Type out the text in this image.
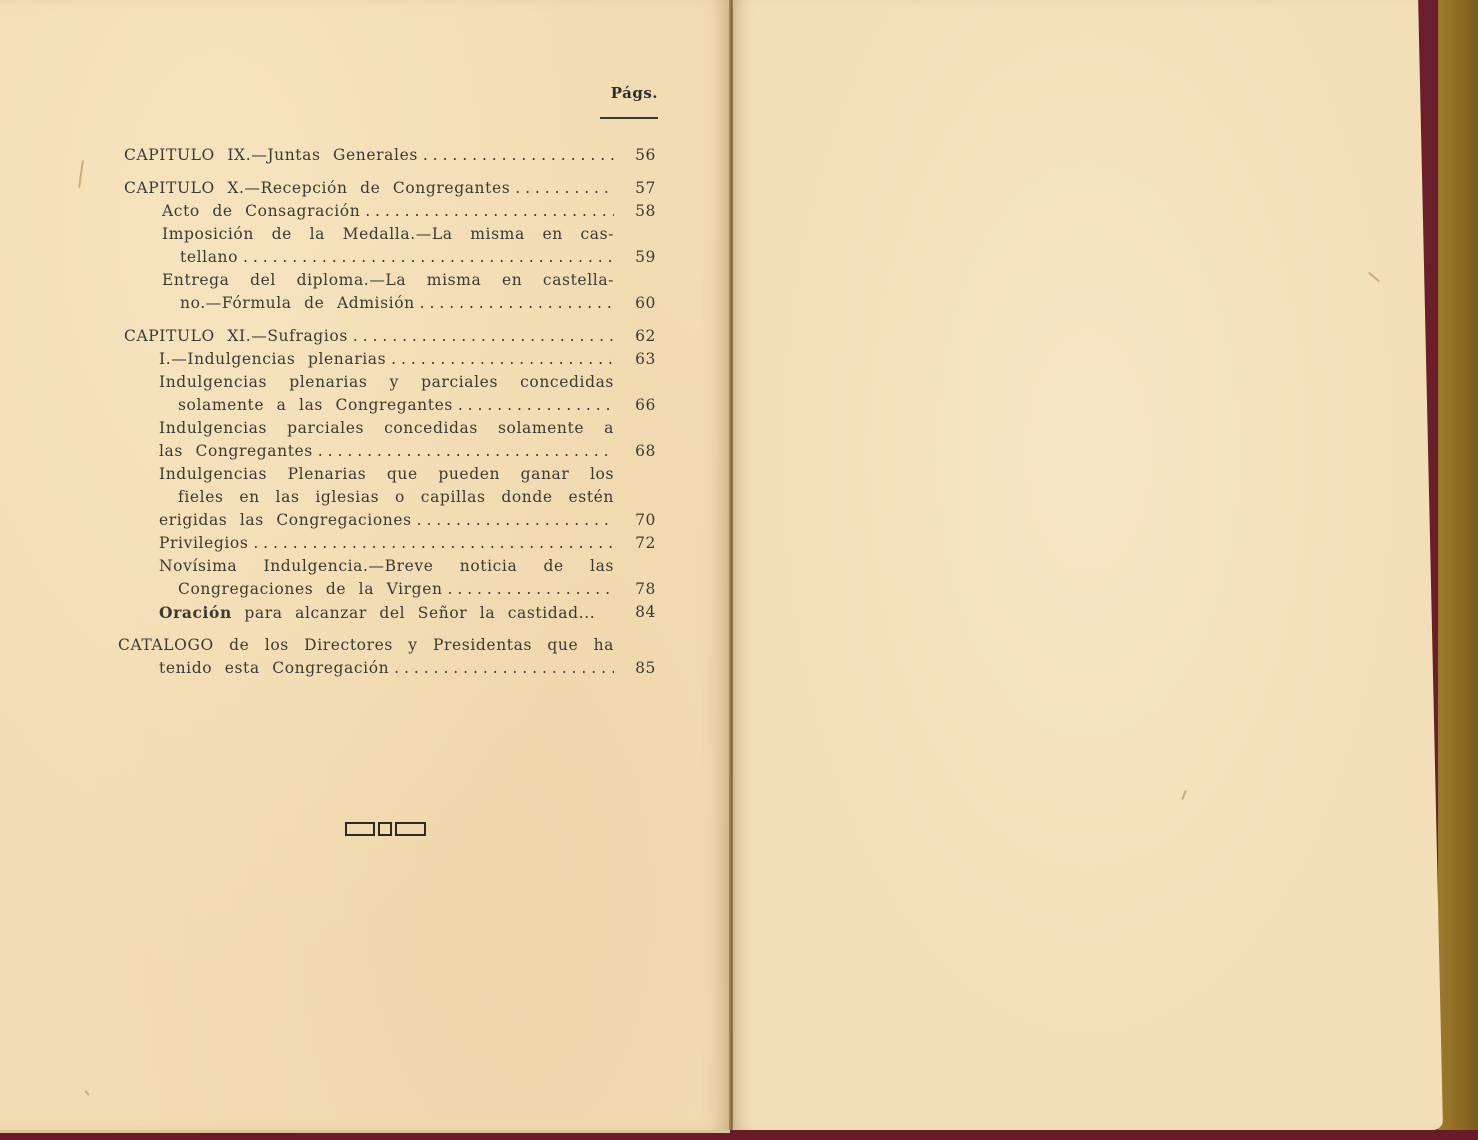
Págs.
CAPITULO IX.—Juntas Generales . . .	56
CAPITULO X.—Recepción de Congregantes . . .	57
Acto de Consagración . . .	58
Imposición de la Medalla.—La misma en cas-
tellano . . .	59
Entrega del diploma.—La misma en castella-
no.—Fórmula de Admisión . . .	60
CAPITULO XI.—Sufragios . . .	62
I.—Indulgencias plenarias . . .	63
Indulgencias plenarias y parciales concedidas
solamente a las Congregantes . . .	66
Indulgencias parciales concedidas solamente a
las Congregantes . . .	68
Indulgencias Plenarias que pueden ganar los
fieles en las iglesias o capillas donde estén
erigidas las Congregaciones . . .	70
Privilegios . . .	72
Novísima Indulgencia.—Breve noticia de las
Congregaciones de la Virgen . . .	78
Oración para alcanzar del Señor la castidad...	84
CATALOGO de los Directores y Presidentas que ha
tenido esta Congregación . . .	85
